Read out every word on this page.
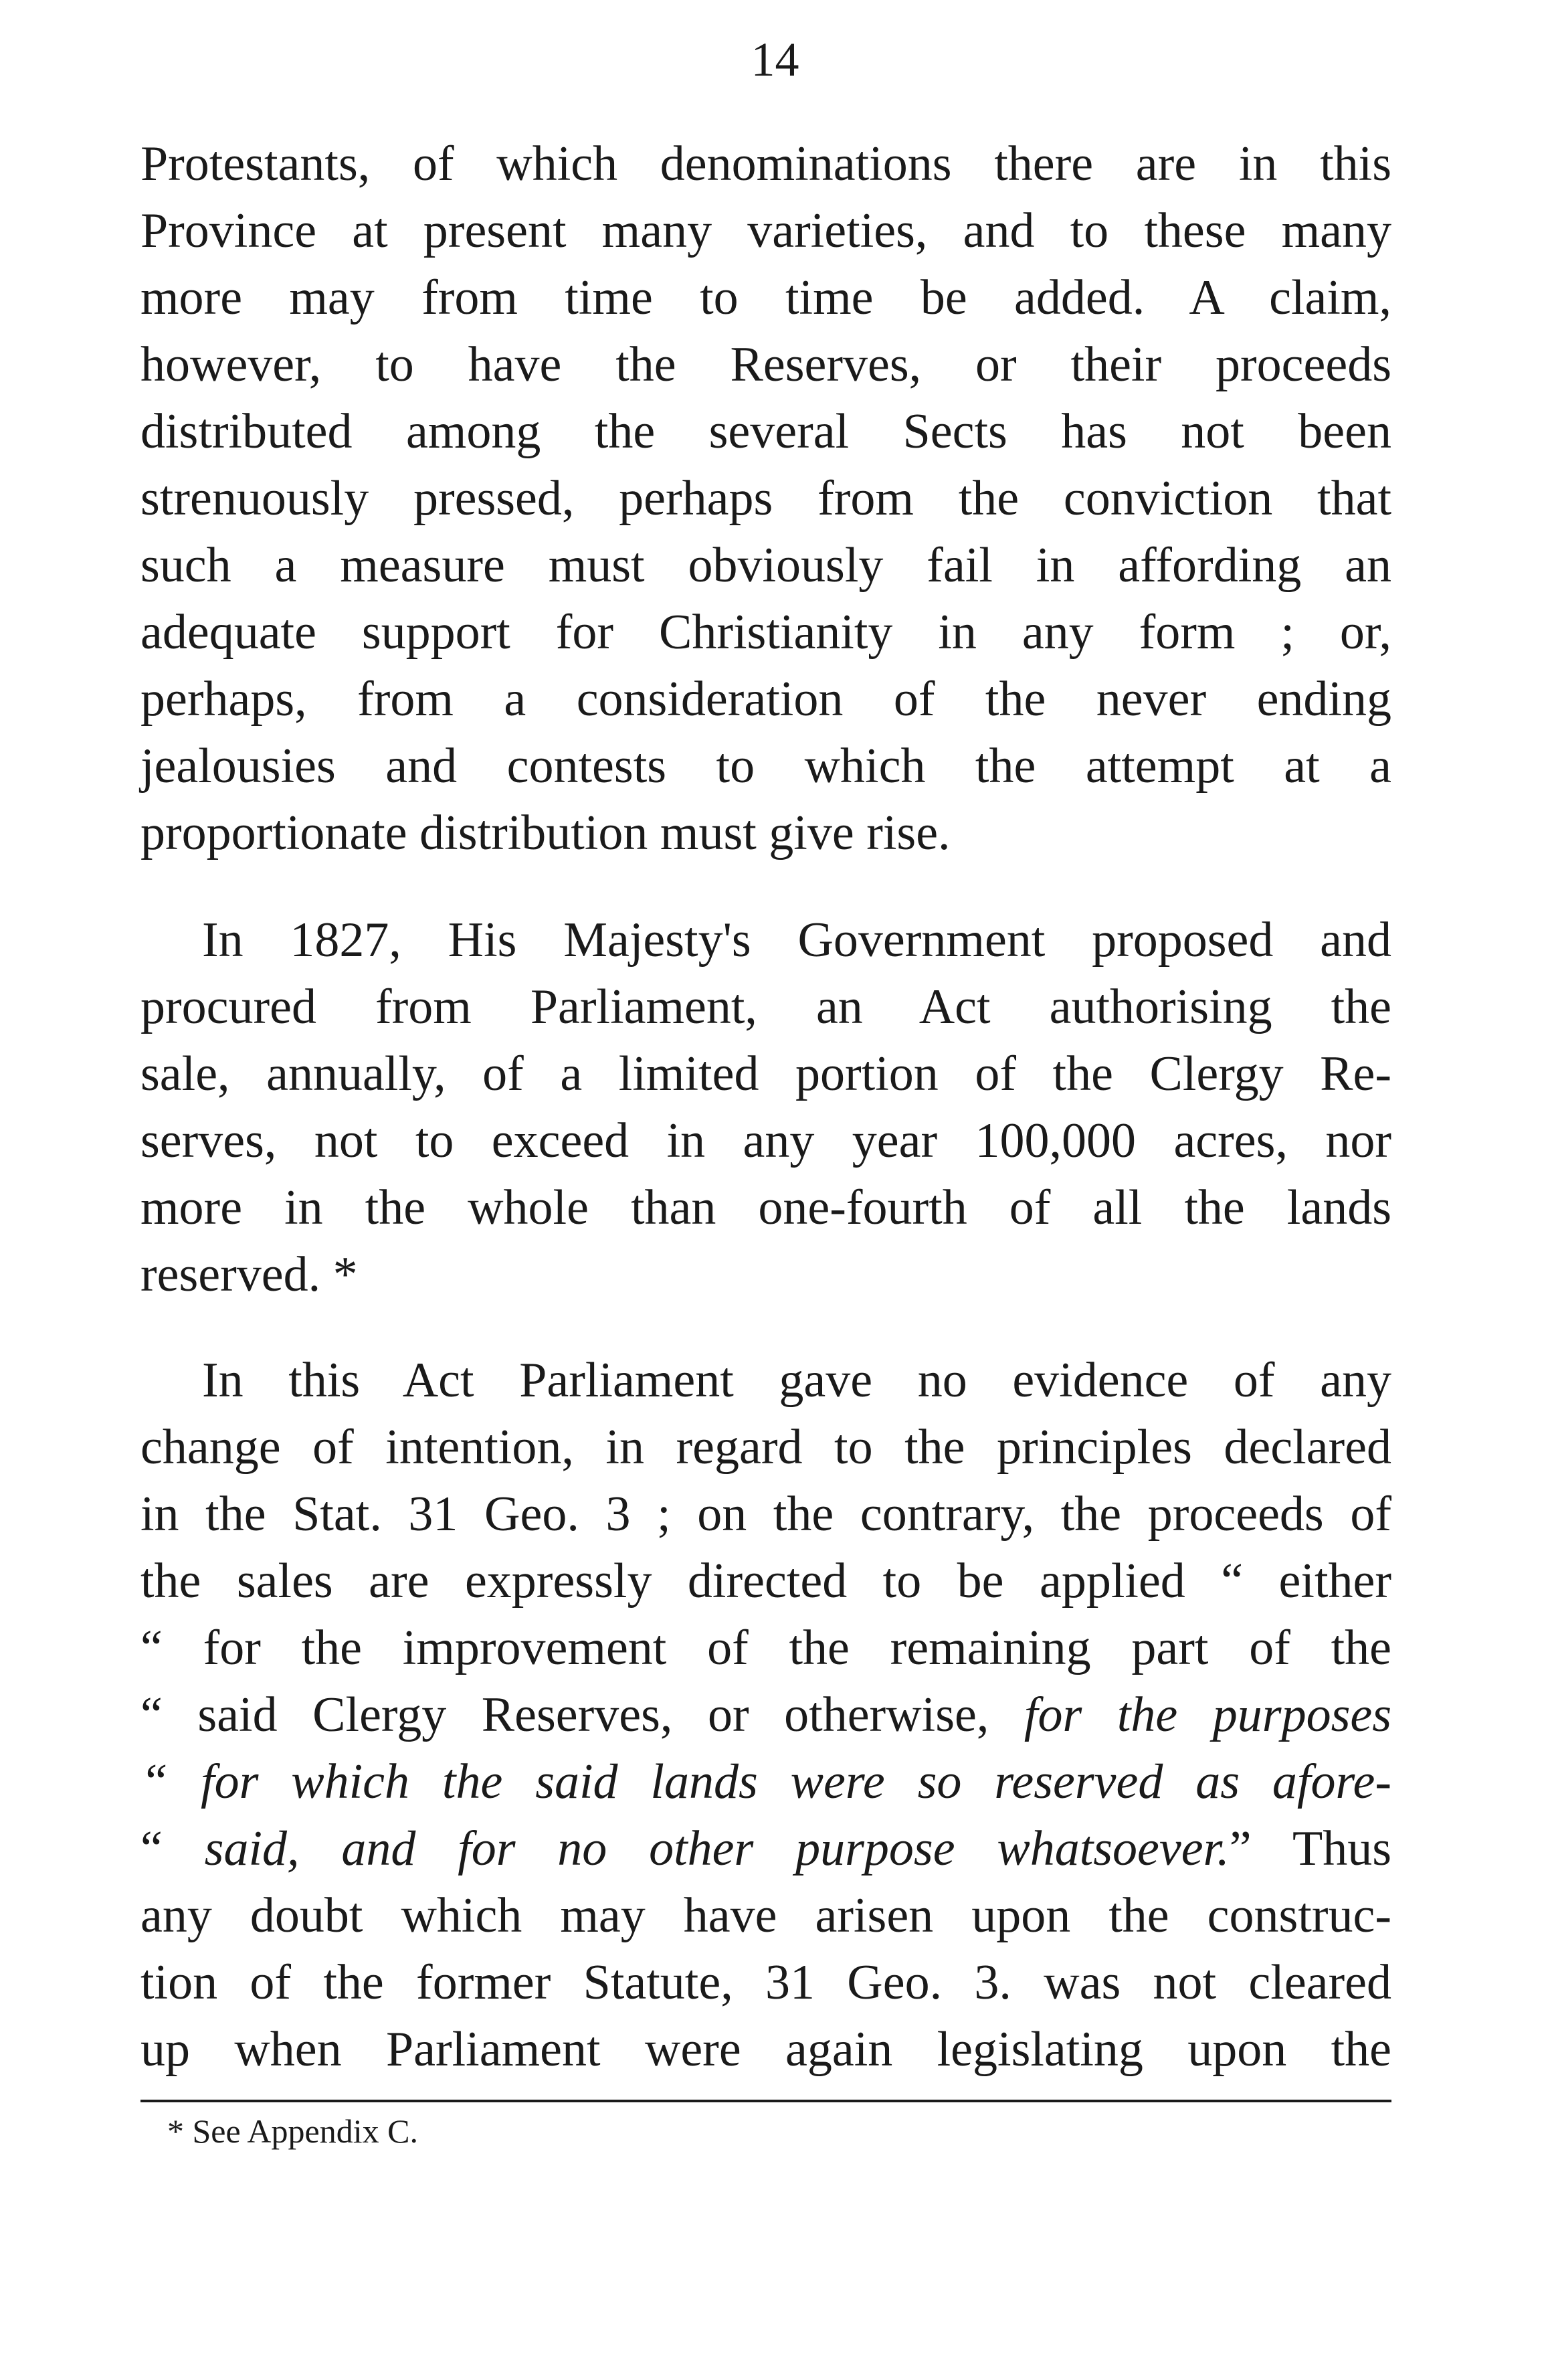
14
Protestants, of which denominations there are in this
Province at present many varieties, and to these many
more may from time to time be added. A claim,
however, to have the Reserves, or their proceeds
distributed among the several Sects has not been
strenuously pressed, perhaps from the conviction that
such a measure must obviously fail in affording an
adequate support for Christianity in any form ; or,
perhaps, from a consideration of the never ending
jealousies and contests to which the attempt at a
proportionate distribution must give rise.
In 1827, His Majesty's Government proposed and
procured from Parliament, an Act authorising the
sale, annually, of a limited portion of the Clergy Re-
serves, not to exceed in any year 100,000 acres, nor
more in the whole than one-fourth of all the lands
reserved. *
In this Act Parliament gave no evidence of any
change of intention, in regard to the principles declared
in the Stat. 31 Geo. 3 ; on the contrary, the proceeds of
the sales are expressly directed to be applied “ either
“ for the improvement of the remaining part of the
“ said Clergy Reserves, or otherwise, for the purposes
“ for which the said lands were so reserved as afore-
“ said, and for no other purpose whatsoever.” Thus
any doubt which may have arisen upon the construc-
tion of the former Statute, 31 Geo. 3. was not cleared
up when Parliament were again legislating upon the
* See Appendix C.
